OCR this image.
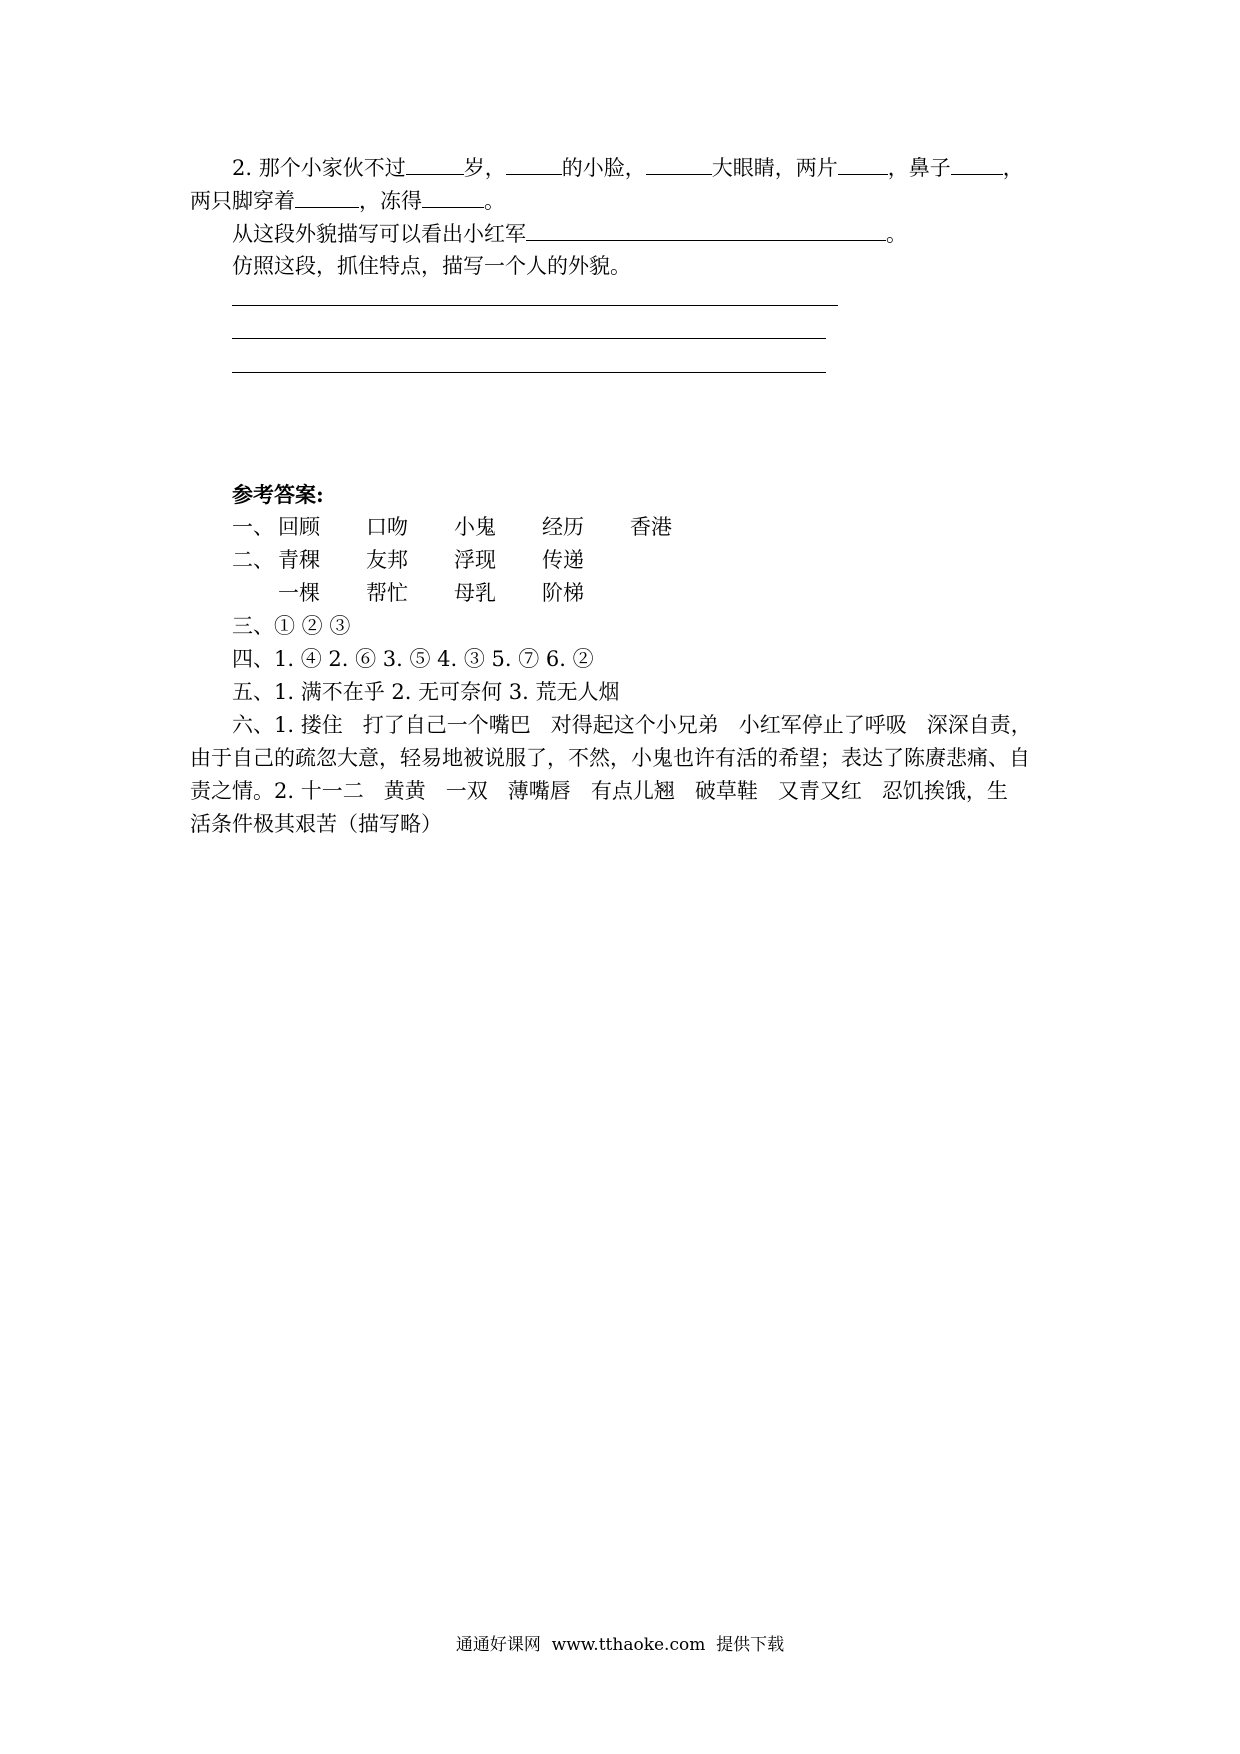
2. 那个小家伙不过	岁，	的小脸，	大眼睛，两片 ，鼻子 ，
两只脚穿着	，冻得	。
从这段外貌描写可以看出小红军	。
仿照这段，抓住特点，描写一个人的外貌。
参考答案:
一、 回顾 口吻 小鬼 经历 香港
二、 青稞 友邦 浮现 传递
一棵 帮忙 母乳 阶梯
三、① ② ③
四、1. ④ 2. ⑥ 3. ⑤ 4. ③ 5. ⑦ 6. ②
五、1. 满不在乎 2. 无可奈何 3. 荒无人烟
六、1. 搂住   打了自己一个嘴巴   对得起这个小兄弟   小红军停止了呼吸   深深自责，
由于自己的疏忽大意，轻易地被说服了，不然，小鬼也许有活的希望；表达了陈赓悲痛、自
责之情。2. 十一二   黄黄   一双   薄嘴唇   有点儿翘   破草鞋   又青又红   忍饥挨饿，生
活条件极其艰苦（描写略）
通通好课网  www.tthaoke.com  提供下载
